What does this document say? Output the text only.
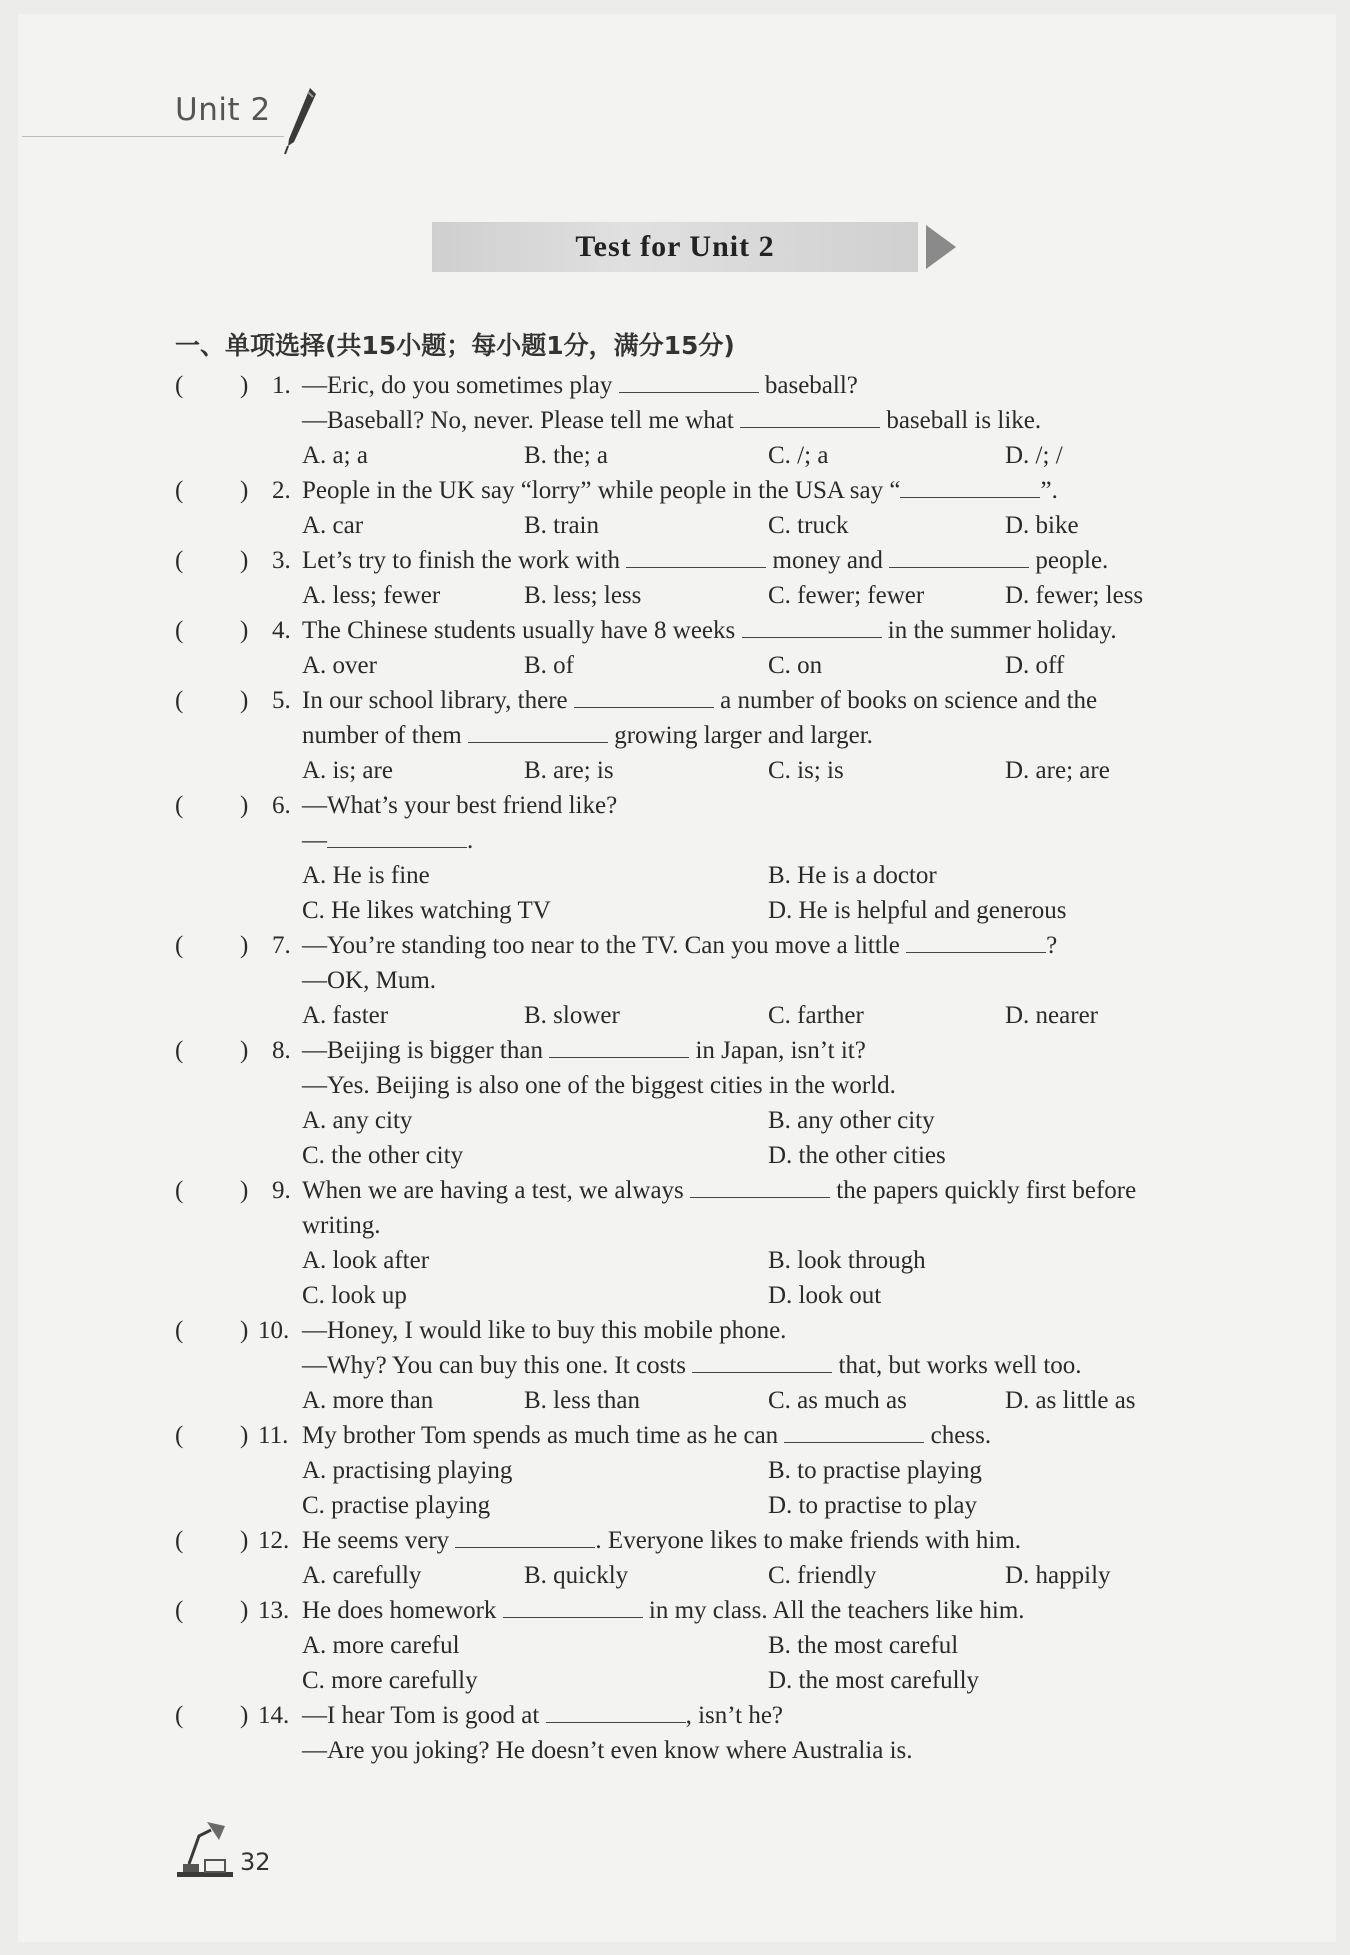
Unit 2
Test for Unit 2
一、单项选择(共15小题；每小题1分，满分15分)
( ) 1. —Eric, do you sometimes play	baseball?
—Baseball? No, never. Please tell me what	baseball is like.
A. a; a	B. the; a	C. /; a	D. /; /
( ) 2. People in the UK say “lorry” while people in the USA say “	”.
A. car	B. train	C. truck	D. bike
( ) 3. Let’s try to finish the work with	money and	people.
A. less; fewer	B. less; less	C. fewer; fewer	D. fewer; less
( ) 4. The Chinese students usually have 8 weeks	in the summer holiday.
A. over	B. of	C. on	D. off
( ) 5. In our school library, there	a number of books on science and the
number of them	growing larger and larger.
A. is; are	B. are; is	C. is; is	D. are; are
( ) 6. —What’s your best friend like?
—	.
A. He is fine	B. He is a doctor
C. He likes watching TV	D. He is helpful and generous
( ) 7. —You’re standing too near to the TV. Can you move a little	?
—OK, Mum.
A. faster	B. slower	C. farther	D. nearer
( ) 8. —Beijing is bigger than	in Japan, isn’t it?
—Yes. Beijing is also one of the biggest cities in the world.
A. any city	B. any other city
C. the other city	D. the other cities
( ) 9. When we are having a test, we always	the papers quickly first before
writing.
A. look after	B. look through
C. look up	D. look out
( ) 10. —Honey, I would like to buy this mobile phone.
—Why? You can buy this one. It costs	that, but works well too.
A. more than	B. less than	C. as much as	D. as little as
( ) 11. My brother Tom spends as much time as he can	chess.
A. practising playing	B. to practise playing
C. practise playing	D. to practise to play
( ) 12. He seems very	. Everyone likes to make friends with him.
A. carefully	B. quickly	C. friendly	D. happily
( ) 13. He does homework	in my class. All the teachers like him.
A. more careful	B. the most careful
C. more carefully	D. the most carefully
( ) 14. —I hear Tom is good at	, isn’t he?
—Are you joking? He doesn’t even know where Australia is.
32
